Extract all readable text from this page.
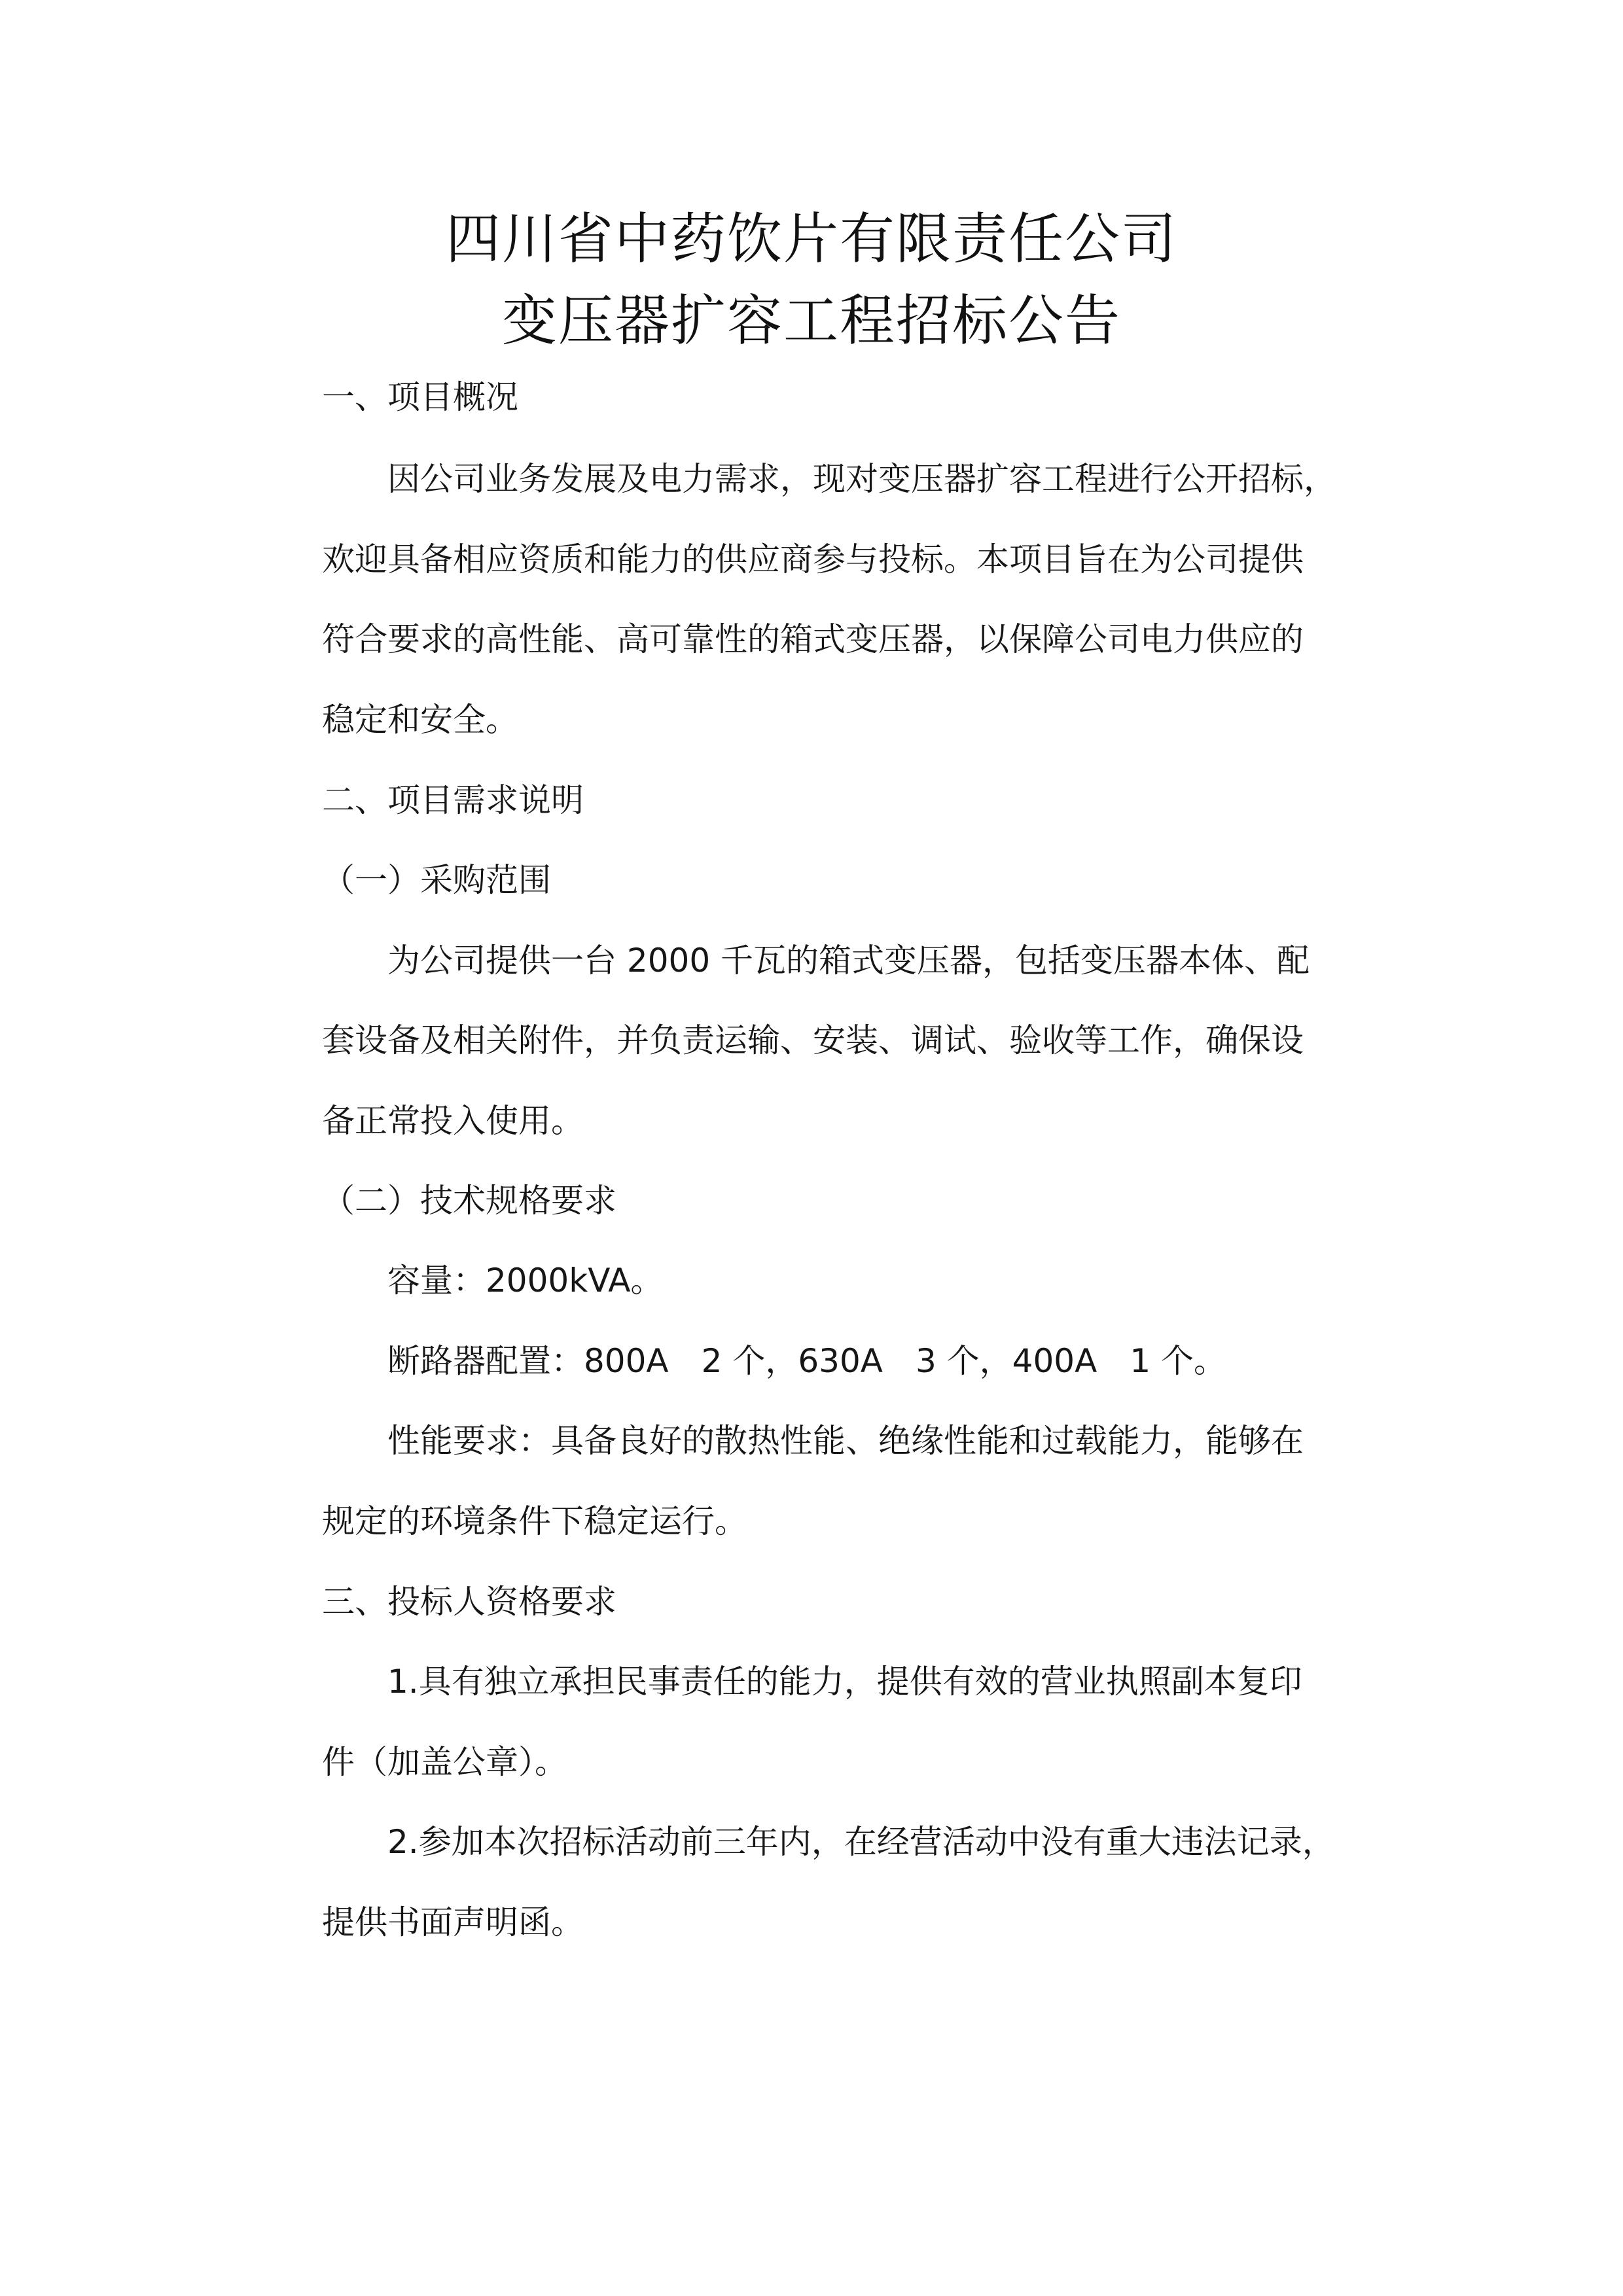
四川省中药饮片有限责任公司
变压器扩容工程招标公告
一、项目概况
因公司业务发展及电力需求，现对变压器扩容工程进行公开招标，
欢迎具备相应资质和能力的供应商参与投标。本项目旨在为公司提供
符合要求的高性能、高可靠性的箱式变压器，以保障公司电力供应的
稳定和安全。
二、项目需求说明
（一）采购范围
为公司提供一台 2000 千瓦的箱式变压器，包括变压器本体、配
套设备及相关附件，并负责运输、安装、调试、验收等工作，确保设
备正常投入使用。
（二）技术规格要求
容量：2000kVA。
断路器配置：800A　2 个，630A　3 个，400A　1 个。
性能要求：具备良好的散热性能、绝缘性能和过载能力，能够在
规定的环境条件下稳定运行。
三、投标人资格要求
1.具有独立承担民事责任的能力，提供有效的营业执照副本复印
件（加盖公章）。
2.参加本次招标活动前三年内，在经营活动中没有重大违法记录，
提供书面声明函。
